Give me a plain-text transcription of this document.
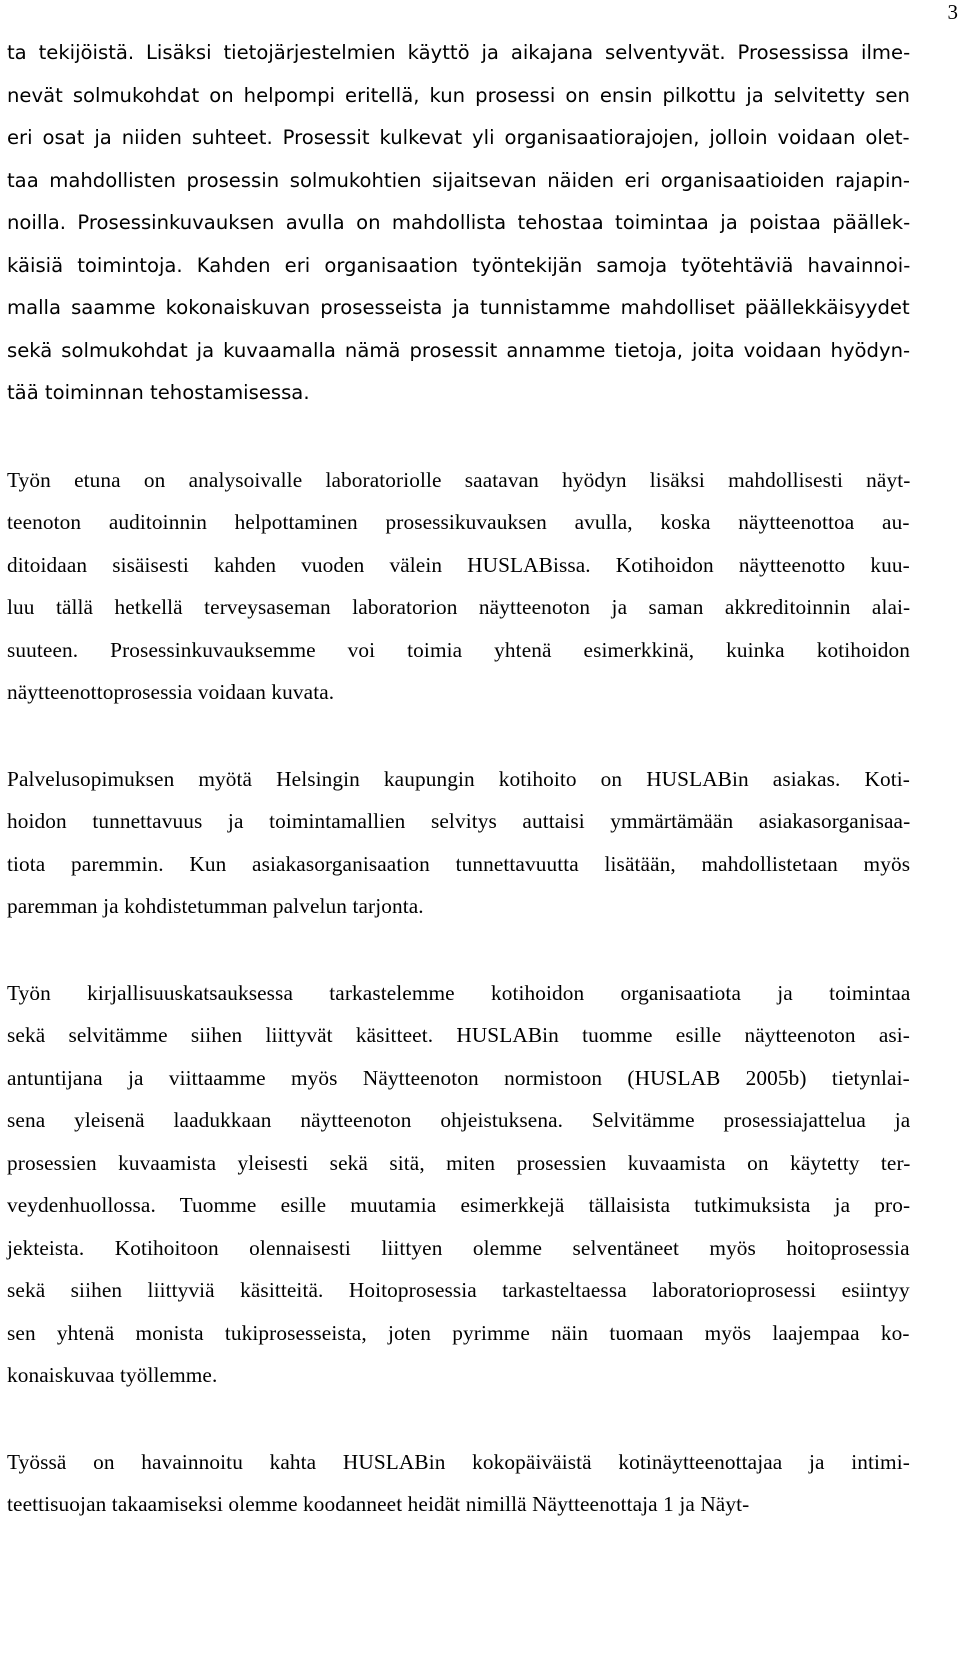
3

ta tekijöistä. Lisäksi tietojärjestelmien käyttö ja aikajana selventyvät. Prosessissa ilme-
nevät solmukohdat on helpompi eritellä, kun prosessi on ensin pilkottu ja selvitetty sen
eri osat ja niiden suhteet. Prosessit kulkevat yli organisaatiorajojen, jolloin voidaan olet-
taa mahdollisten prosessin solmukohtien sijaitsevan näiden eri organisaatioiden rajapin-
noilla. Prosessinkuvauksen avulla on mahdollista tehostaa toimintaa ja poistaa päällek-
käisiä toimintoja. Kahden eri organisaation työntekijän samoja työtehtäviä havainnoi-
malla saamme kokonaiskuvan prosesseista ja tunnistamme mahdolliset päällekkäisyydet
sekä solmukohdat ja kuvaamalla nämä prosessit annamme tietoja, joita voidaan hyödyn-
tää toiminnan tehostamisessa.

Työn etuna on analysoivalle laboratoriolle saatavan hyödyn lisäksi mahdollisesti näyt-
teenoton auditoinnin helpottaminen prosessikuvauksen avulla, koska näytteenottoa au-
ditoidaan sisäisesti kahden vuoden välein HUSLABissa. Kotihoidon näytteenotto kuu-
luu tällä hetkellä terveysaseman laboratorion näytteenoton ja saman akkreditoinnin alai-
suuteen. Prosessinkuvauksemme voi toimia yhtenä esimerkkinä, kuinka kotihoidon
näytteenottoprosessia voidaan kuvata.

Palvelusopimuksen myötä Helsingin kaupungin kotihoito on HUSLABin asiakas. Koti-
hoidon tunnettavuus ja toimintamallien selvitys auttaisi ymmärtämään asiakasorganisaa-
tiota paremmin. Kun asiakasorganisaation tunnettavuutta lisätään, mahdollistetaan myös
paremman ja kohdistetumman palvelun tarjonta.

Työn kirjallisuuskatsauksessa tarkastelemme kotihoidon organisaatiota ja toimintaa
sekä selvitämme siihen liittyvät käsitteet. HUSLABin tuomme esille näytteenoton asi-
antuntijana ja viittaamme myös Näytteenoton normistoon (HUSLAB 2005b) tietynlai-
sena yleisenä laadukkaan näytteenoton ohjeistuksena. Selvitämme prosessiajattelua ja
prosessien kuvaamista yleisesti sekä sitä, miten prosessien kuvaamista on käytetty ter-
veydenhuollossa. Tuomme esille muutamia esimerkkejä tällaisista tutkimuksista ja pro-
jekteista. Kotihoitoon olennaisesti liittyen olemme selventäneet myös hoitoprosessia
sekä siihen liittyviä käsitteitä. Hoitoprosessia tarkasteltaessa laboratorioprosessi esiintyy
sen yhtenä monista tukiprosesseista, joten pyrimme näin tuomaan myös laajempaa ko-
konaiskuvaa työllemme.

Työssä on havainnoitu kahta HUSLABin kokopäiväistä kotinäytteenottajaa ja intimi-
teettisuojan takaamiseksi olemme koodanneet heidät nimillä Näytteenottaja 1 ja Näyt-
